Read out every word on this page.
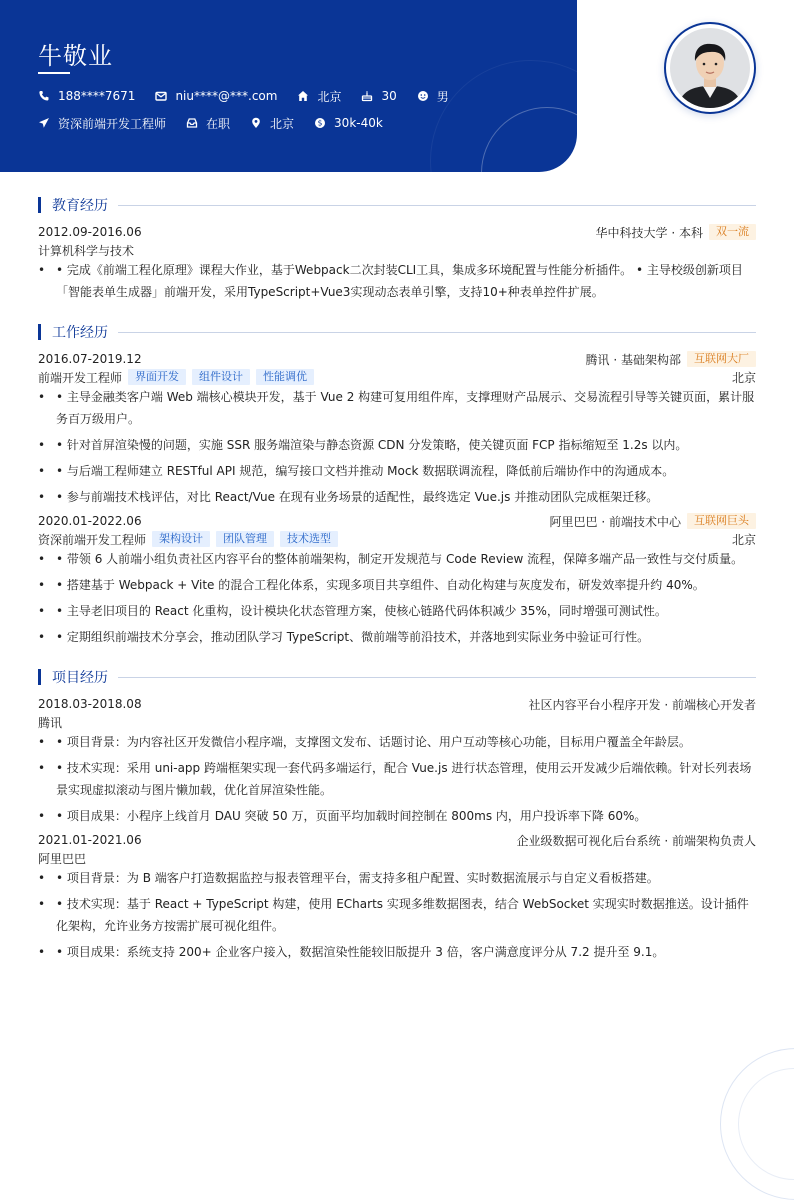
牛敬业
188****7671	niu****@***.com	北京	30	男
资深前端开发工程师	在职	北京	$ 30k-40k
教育经历
2012.09-2016.06	华中科技大学 · 本科	双一流
计算机科学与技术
• • 完成《前端工程化原理》课程大作业，基于Webpack二次封装CLI工具，集成多环境配置与性能分析插件。 • 主导校级创新项目「智能表单生成器」前端开发，采用TypeScript+Vue3实现动态表单引擎，支持10+种表单控件扩展。
工作经历
2016.07-2019.12	腾讯 · 基础架构部	互联网大厂
前端开发工程师	界面开发	组件设计	性能调优	北京
• • 主导金融类客户端 Web 端核心模块开发，基于 Vue 2 构建可复用组件库，支撑理财产品展示、交易流程引导等关键页面，累计服务百万级用户。
• • 针对首屏渲染慢的问题，实施 SSR 服务端渲染与静态资源 CDN 分发策略，使关键页面 FCP 指标缩短至 1.2s 以内。
• • 与后端工程师建立 RESTful API 规范，编写接口文档并推动 Mock 数据联调流程，降低前后端协作中的沟通成本。
• • 参与前端技术栈评估，对比 React/Vue 在现有业务场景的适配性，最终选定 Vue.js 并推动团队完成框架迁移。
2020.01-2022.06	阿里巴巴 · 前端技术中心	互联网巨头
资深前端开发工程师	架构设计	团队管理	技术选型	北京
• • 带领 6 人前端小组负责社区内容平台的整体前端架构，制定开发规范与 Code Review 流程，保障多端产品一致性与交付质量。
• • 搭建基于 Webpack + Vite 的混合工程化体系，实现多项目共享组件、自动化构建与灰度发布，研发效率提升约 40%。
• • 主导老旧项目的 React 化重构，设计模块化状态管理方案，使核心链路代码体积减少 35%，同时增强可测试性。
• • 定期组织前端技术分享会，推动团队学习 TypeScript、微前端等前沿技术，并落地到实际业务中验证可行性。
项目经历
2018.03-2018.08	社区内容平台小程序开发 · 前端核心开发者
腾讯
• • 项目背景：为内容社区开发微信小程序端，支撑图文发布、话题讨论、用户互动等核心功能，目标用户覆盖全年龄层。
• • 技术实现：采用 uni-app 跨端框架实现一套代码多端运行，配合 Vue.js 进行状态管理，使用云开发减少后端依赖。针对长列表场景实现虚拟滚动与图片懒加载，优化首屏渲染性能。
• • 项目成果：小程序上线首月 DAU 突破 50 万，页面平均加载时间控制在 800ms 内，用户投诉率下降 60%。
2021.01-2021.06	企业级数据可视化后台系统 · 前端架构负责人
阿里巴巴
• • 项目背景：为 B 端客户打造数据监控与报表管理平台，需支持多租户配置、实时数据流展示与自定义看板搭建。
• • 技术实现：基于 React + TypeScript 构建，使用 ECharts 实现多维数据图表，结合 WebSocket 实现实时数据推送。设计插件化架构，允许业务方按需扩展可视化组件。
• • 项目成果：系统支持 200+ 企业客户接入，数据渲染性能较旧版提升 3 倍，客户满意度评分从 7.2 提升至 9.1。
